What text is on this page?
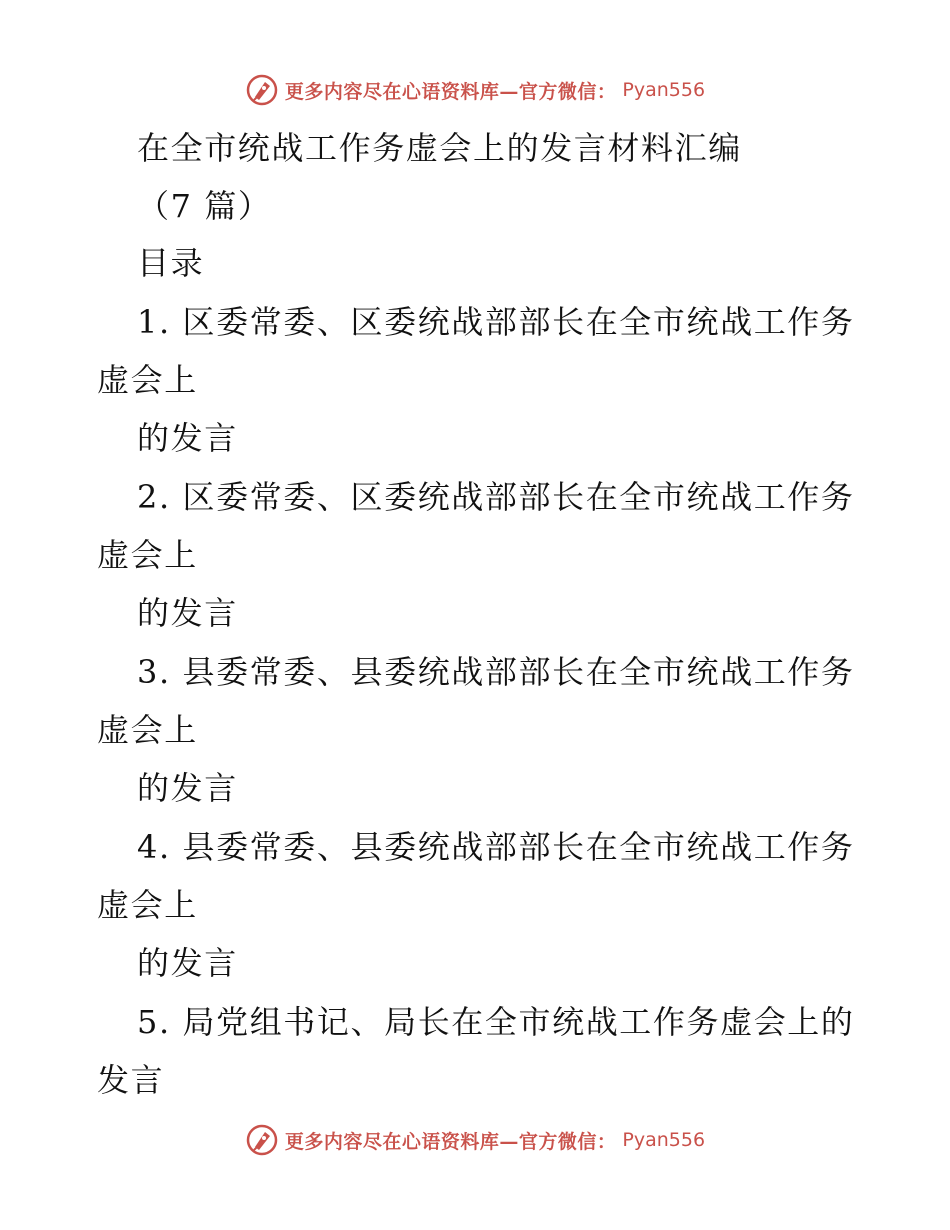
更多内容尽在心语资料库—官方微信： Pyan556
在全市统战工作务虚会上的发言材料汇编
（7 篇）
目录
1. 区委常委、区委统战部部长在全市统战工作务
虚会上
的发言
2. 区委常委、区委统战部部长在全市统战工作务
虚会上
的发言
3. 县委常委、县委统战部部长在全市统战工作务
虚会上
的发言
4. 县委常委、县委统战部部长在全市统战工作务
虚会上
的发言
5. 局党组书记、局长在全市统战工作务虚会上的
发言
更多内容尽在心语资料库—官方微信： Pyan556
